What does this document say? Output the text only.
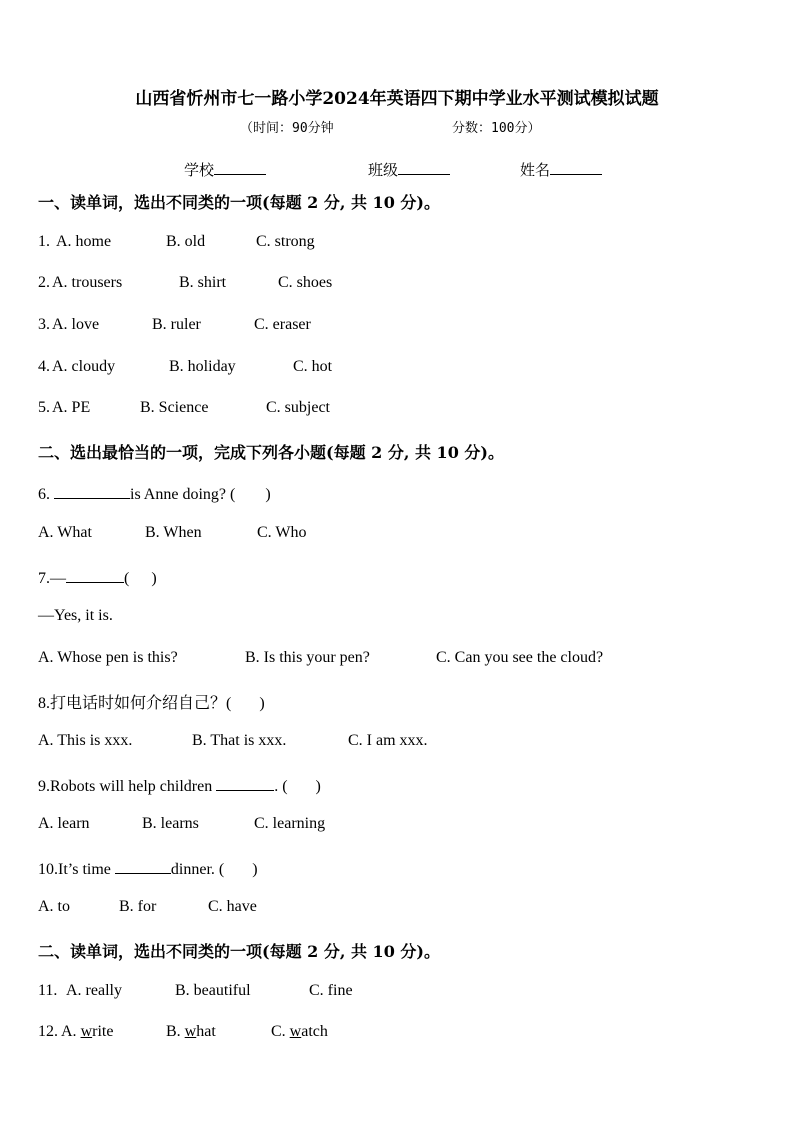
山西省忻州市七一路小学2024年英语四下期中学业水平测试模拟试题
（时间：90分钟	分数：100分）
学校	班级	姓名
一、读单词，选出不同类的一项(每题 2 分, 共 10 分)。
1. A. home	B. old	C. strong
2. A. trousers	B. shirt	C. shoes
3. A. love	B. ruler	C. eraser
4. A. cloudy	B. holiday	C. hot
5. A. PE	B. Science	C. subject
二、选出最恰当的一项，完成下列各小题(每题 2 分, 共 10 分)。
6.	is Anne doing? ( )
A. What	B. When	C. Who
7.—	( )
—Yes, it is.
A. Whose pen is this?	B. Is this your pen?	C. Can you see the cloud?
8.打电话时如何介绍自己？( )
A. This is xxx.	B. That is xxx.	C. I am xxx.
9.Robots will help children	. ( )
A. learn	B. learns	C. learning
10.It’s time	dinner. ( )
A. to	B. for	C. have
二、读单词，选出不同类的一项(每题 2 分, 共 10 分)。
11. A. really	B. beautiful	C. fine
12. A. write	B. what	C. watch
